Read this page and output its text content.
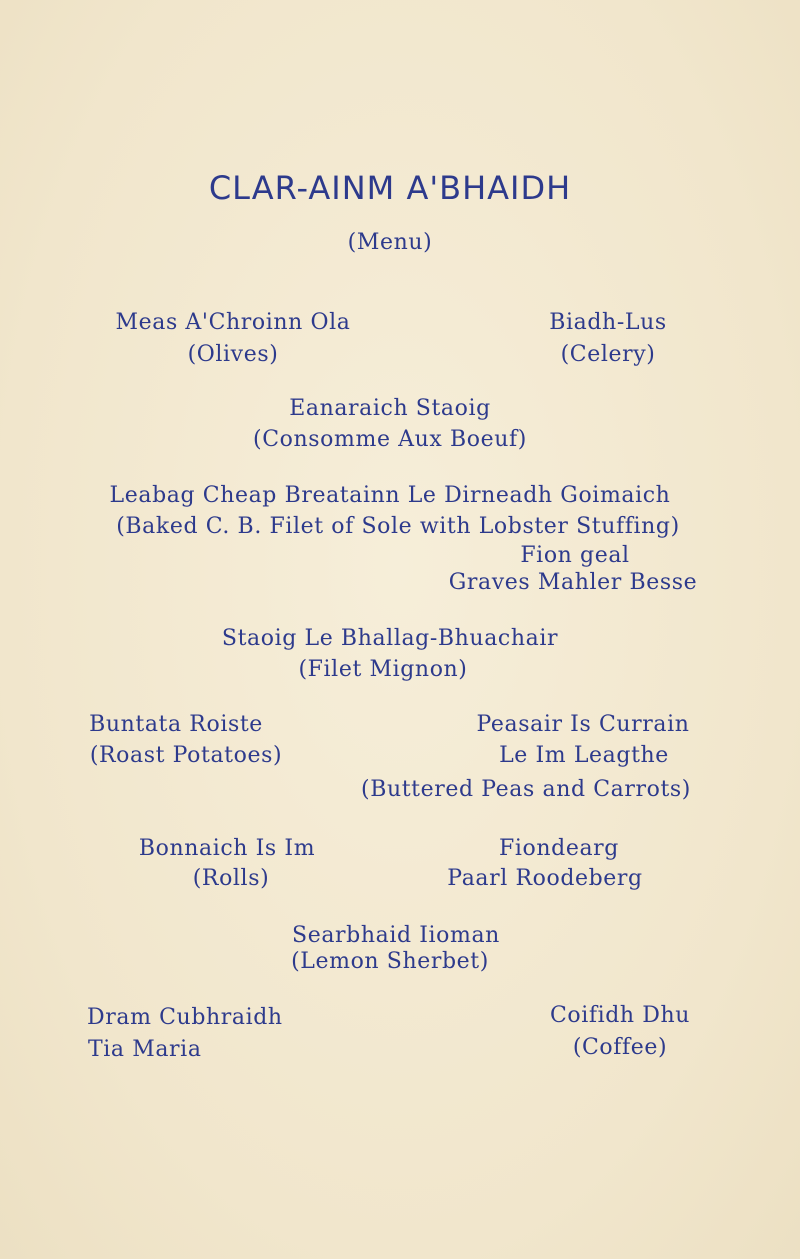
CLAR-AINM A'BHAIDH
(Menu)
Meas A'Chroinn Ola
(Olives)
Biadh-Lus
(Celery)
Eanaraich Staoig
(Consomme Aux Boeuf)
Leabag Cheap Breatainn Le Dirneadh Goimaich
(Baked C. B. Filet of Sole with Lobster Stuffing)
Fion geal
Graves Mahler Besse
Staoig Le Bhallag-Bhuachair
(Filet Mignon)
Buntata Roiste
(Roast Potatoes)
Peasair Is Currain
Le Im Leagthe
(Buttered Peas and Carrots)
Bonnaich Is Im
(Rolls)
Fiondearg
Paarl Roodeberg
Searbhaid Iioman
(Lemon Sherbet)
Dram Cubhraidh
Tia Maria
Coifidh Dhu
(Coffee)
